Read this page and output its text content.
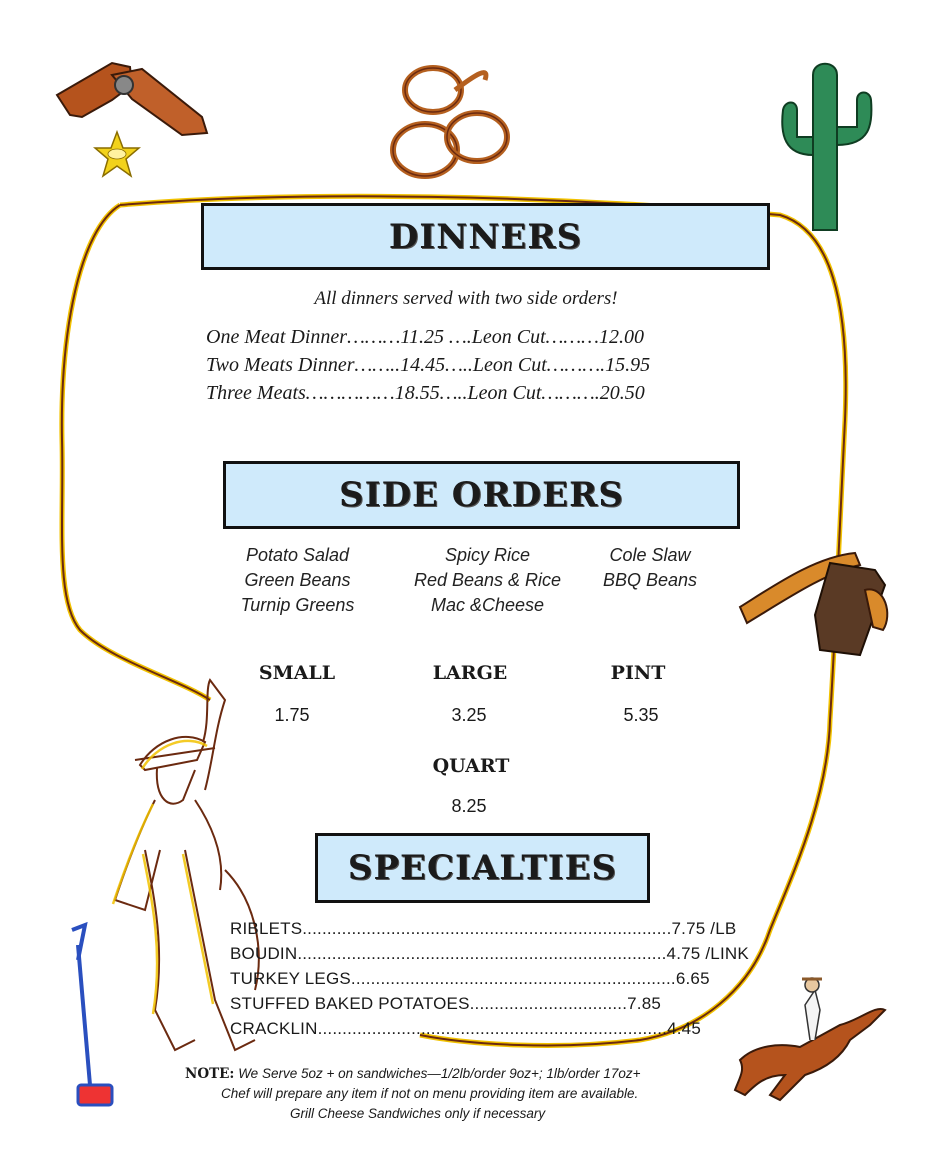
DINNERS
All dinners served with two side orders!
One Meat Dinner………11.25 ….Leon Cut………12.00
Two Meats Dinner……..14.45…..Leon Cut……….15.95
Three Meats……………18.55…..Leon Cut……….20.50
SIDE ORDERS
Potato Salad
Green Beans
Turnip Greens
Spicy Rice
Red Beans & Rice
Mac &Cheese
Cole Slaw
BBQ Beans
SMALL
1.75
LARGE
3.25
PINT
5.35
QUART
8.25
SPECIALTIES
RIBLETS...........................................................................7.75 /LB
BOUDIN...........................................................................4.75 /LINK
TURKEY LEGS..................................................................6.65
STUFFED BAKED POTATOES................................7.85
CRACKLIN.......................................................................4.45
NOTE: We Serve 5oz + on sandwiches—1/2lb/order 9oz+; 1lb/order 17oz+
Chef will prepare any item if not on menu providing item are available.
Grill Cheese Sandwiches only if necessary
